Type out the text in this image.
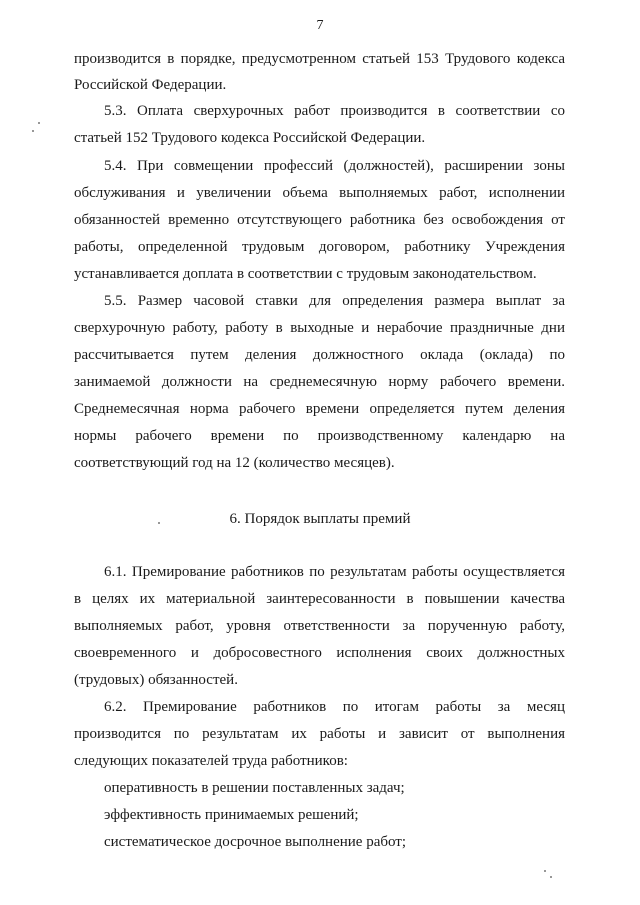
7
производится в порядке, предусмотренном статьей 153 Трудового кодекса
Российской Федерации.
5.3. Оплата сверхурочных работ производится в соответствии со
статьей 152 Трудового кодекса Российской Федерации.
5.4. При совмещении профессий (должностей), расширении зоны
обслуживания и увеличении объема выполняемых работ, исполнении
обязанностей временно отсутствующего работника без освобождения от
работы, определенной трудовым договором, работнику Учреждения
устанавливается доплата в соответствии с трудовым законодательством.
5.5. Размер часовой ставки для определения размера выплат за
сверхурочную работу, работу в выходные и нерабочие праздничные дни
рассчитывается путем деления должностного оклада (оклада) по
занимаемой должности на среднемесячную норму рабочего времени.
Среднемесячная норма рабочего времени определяется путем деления
нормы рабочего времени по производственному календарю на
соответствующий год на 12 (количество месяцев).
6. Порядок выплаты премий
6.1. Премирование работников по результатам работы осуществляется
в целях их материальной заинтересованности в повышении качества
выполняемых работ, уровня ответственности за порученную работу,
своевременного и добросовестного исполнения своих должностных
(трудовых) обязанностей.
6.2. Премирование работников по итогам работы за месяц
производится по результатам их работы и зависит от выполнения
следующих показателей труда работников:
оперативность в решении поставленных задач;
эффективность принимаемых решений;
систематическое досрочное выполнение работ;
